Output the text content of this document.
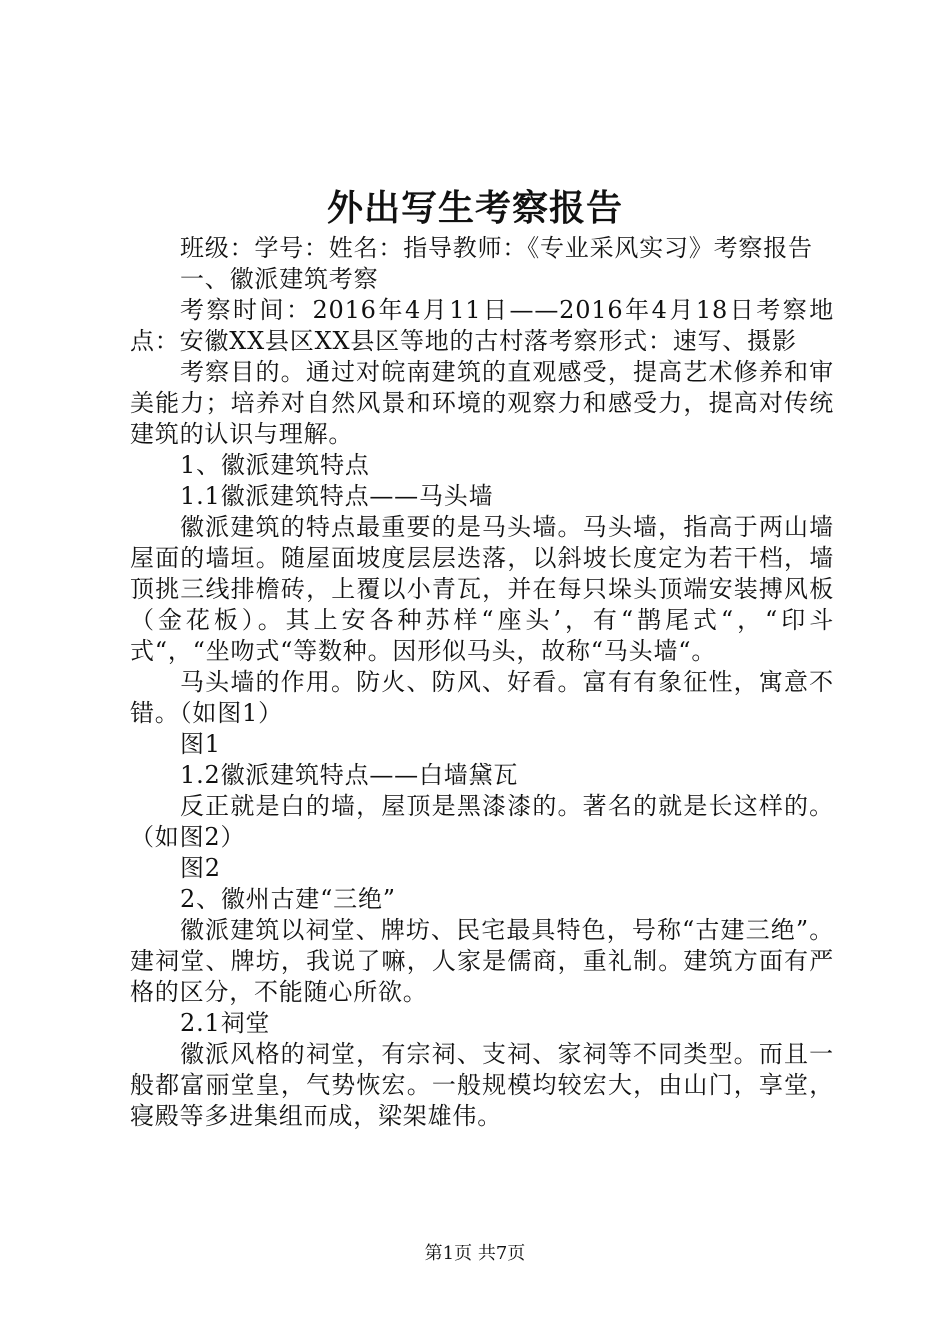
外出写生考察报告

班级：学号：姓名：指导教师：《专业采风实习》考察报告

一、徽派建筑考察

考察时间：2016年4月11日——2016年4月18日考察地点：安徽XX县区XX县区等地的古村落考察形式：速写、摄影

考察目的。通过对皖南建筑的直观感受，提高艺术修养和审美能力；培养对自然风景和环境的观察力和感受力，提高对传统建筑的认识与理解。

1、徽派建筑特点

1.1徽派建筑特点——马头墙

徽派建筑的特点最重要的是马头墙。马头墙，指高于两山墙屋面的墙垣。随屋面坡度层层迭落，以斜坡长度定为若干档，墙顶挑三线排檐砖，上覆以小青瓦，并在每只垛头顶端安装搏风板（金花板）。其上安各种苏样“座头’，有“鹊尾式“，“印斗式“，“坐吻式“等数种。因形似马头，故称“马头墙“。

马头墙的作用。防火、防风、好看。富有有象征性，寓意不错。（如图1）

图1

1.2徽派建筑特点——白墙黛瓦

反正就是白的墙，屋顶是黑漆漆的。著名的就是长这样的。（如图2）

图2

2、徽州古建“三绝”

徽派建筑以祠堂、牌坊、民宅最具特色，号称“古建三绝”。建祠堂、牌坊，我说了嘛，人家是儒商，重礼制。建筑方面有严格的区分，不能随心所欲。

2.1祠堂

徽派风格的祠堂，有宗祠、支祠、家祠等不同类型。而且一般都富丽堂皇，气势恢宏。一般规模均较宏大，由山门，享堂，寝殿等多进集组而成，梁架雄伟。

第1页 共7页
